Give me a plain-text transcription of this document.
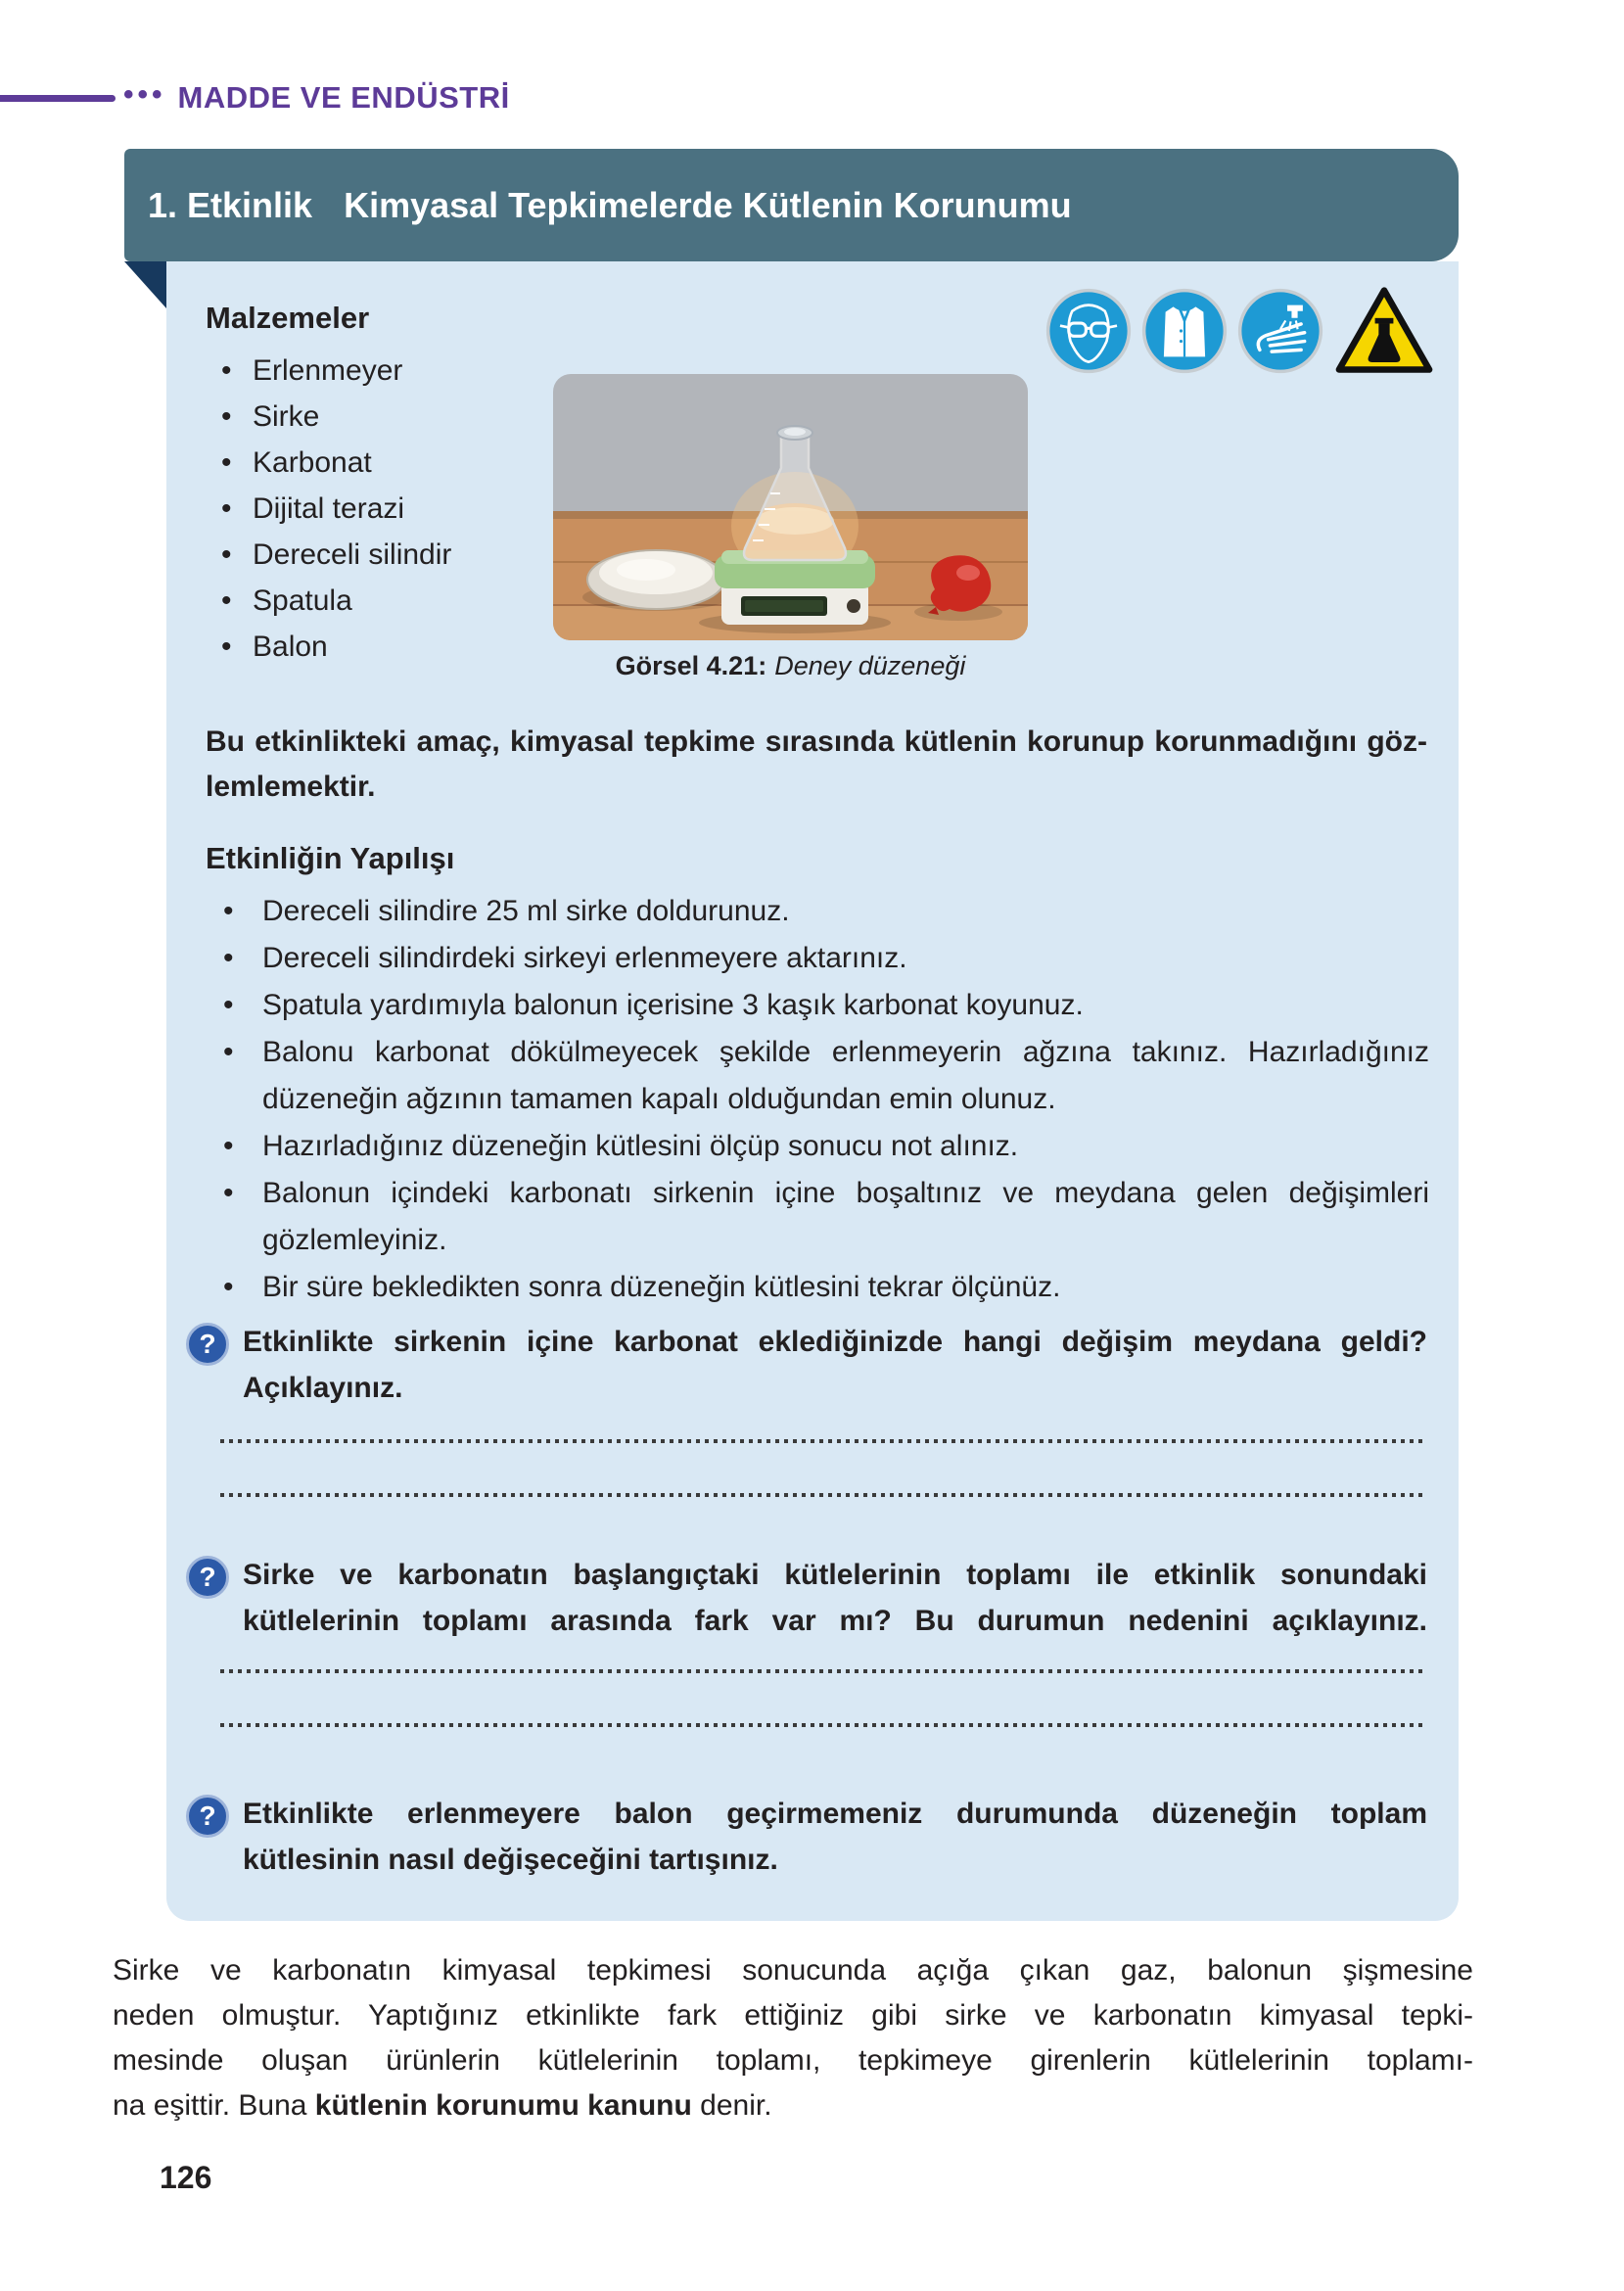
••• MADDE VE ENDÜSTRİ
1. Etkinlik Kimyasal Tepkimelerde Kütlenin Korunumu
Malzemeler
• Erlenmeyer
• Sirke
• Karbonat
• Dijital terazi
• Dereceli silindir
• Spatula
• Balon
Görsel 4.21: Deney düzeneği
Bu etkinlikteki amaç, kimyasal tepkime sırasında kütlenin korunup korunmadığını göz-
lemlemektir.
Etkinliğin Yapılışı
• Dereceli silindire 25 ml sirke doldurunuz.
• Dereceli silindirdeki sirkeyi erlenmeyere aktarınız.
• Spatula yardımıyla balonun içerisine 3 kaşık karbonat koyunuz.
• Balonu karbonat dökülmeyecek şekilde erlenmeyerin ağzına takınız. Hazırladığınız
düzeneğin ağzının tamamen kapalı olduğundan emin olunuz.
• Hazırladığınız düzeneğin kütlesini ölçüp sonucu not alınız.
• Balonun içindeki karbonatı sirkenin içine boşaltınız ve meydana gelen değişimleri
gözlemleyiniz.
• Bir süre bekledikten sonra düzeneğin kütlesini tekrar ölçünüz.
? Etkinlikte sirkenin içine karbonat eklediğinizde hangi değişim meydana geldi?
Açıklayınız.
? Sirke ve karbonatın başlangıçtaki kütlelerinin toplamı ile etkinlik sonundaki
kütlelerinin toplamı arasında fark var mı? Bu durumun nedenini açıklayınız.
? Etkinlikte erlenmeyere balon geçirmemeniz durumunda düzeneğin toplam
kütlesinin nasıl değişeceğini tartışınız.
Sirke ve karbonatın kimyasal tepkimesi sonucunda açığa çıkan gaz, balonun şişmesine
neden olmuştur. Yaptığınız etkinlikte fark ettiğiniz gibi sirke ve karbonatın kimyasal tepki-
mesinde oluşan ürünlerin kütlelerinin toplamı, tepkimeye girenlerin kütlelerinin toplamı-
na eşittir. Buna kütlenin korunumu kanunu denir.
126
